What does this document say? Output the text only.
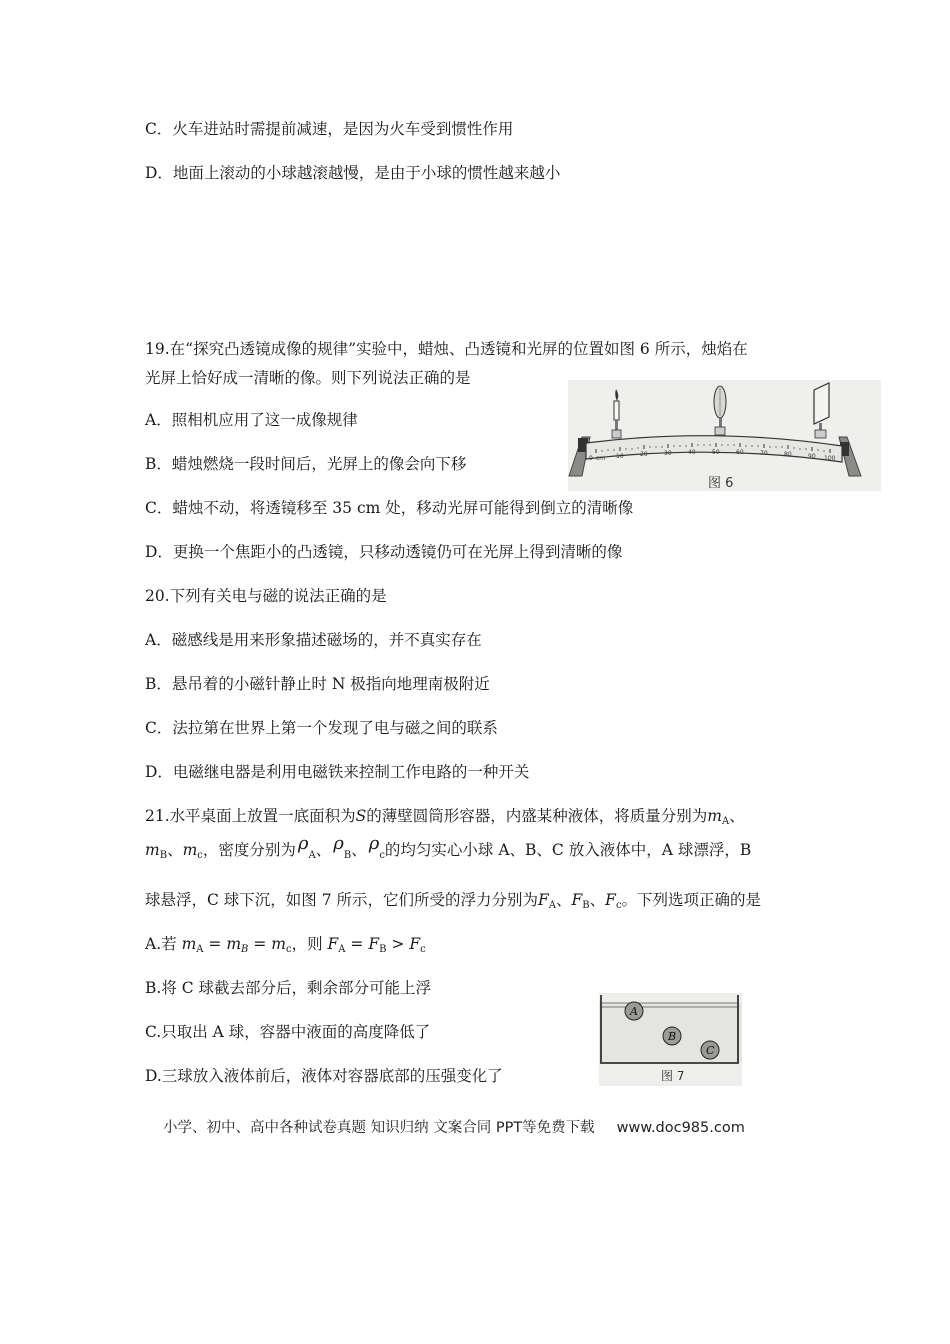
C．火车进站时需提前减速，是因为火车受到惯性作用
D．地面上滚动的小球越滚越慢，是由于小球的惯性越来越小
19.在“探究凸透镜成像的规律”实验中，蜡烛、凸透镜和光屏的位置如图 6 所示，烛焰在
光屏上恰好成一清晰的像。则下列说法正确的是
A．照相机应用了这一成像规律
B．蜡烛燃烧一段时间后，光屏上的像会向下移
C．蜡烛不动，将透镜移至 35 cm 处，移动光屏可能得到倒立的清晰像
D．更换一个焦距小的凸透镜，只移动透镜仍可在光屏上得到清晰的像
0 cm 10	20	30	40	50	60	70	80	90 100
图 6
20.下列有关电与磁的说法正确的是
A．磁感线是用来形象描述磁场的，并不真实存在
B．悬吊着的小磁针静止时 N 极指向地理南极附近
C．法拉第在世界上第一个发现了电与磁之间的联系
D．电磁继电器是利用电磁铁来控制工作电路的一种开关
21.水平桌面上放置一底面积为S的薄壁圆筒形容器，内盛某种液体，将质量分别为$m_A$、
$m_B$、$m_c$，密度分别为 $\rho_A$、 $\rho_B$、 $\rho_c$的均匀实心小球 A、B、C 放入液体中，A 球漂浮，B
球悬浮，C 球下沉，如图 7 所示，它们所受的浮力分别为$F_A$、$F_B$、$F_c$。下列选项正确的是
A.若 $m_A = m_B = m_c$，则 $F_A = F_B > F_c$
B.将 C 球截去部分后，剩余部分可能上浮
C.只取出 A 球，容器中液面的高度降低了
D.三球放入液体前后，液体对容器底部的压强变化了
A
B
C
图 7
小学、初中、高中各种试卷真题 知识归纳 文案合同 PPT等免费下载 www.doc985.com
